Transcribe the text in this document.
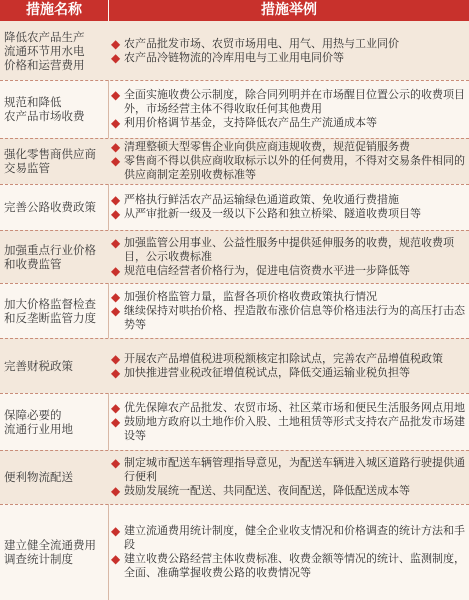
措施名称	措施举例
降低农产品生产
流通环节用水电
价格和运营费用
◆ 农产品批发市场、农贸市场用电、用气、用热与工业同价
◆ 农产品冷链物流的冷库用电与工业用电同价等
规范和降低
农产品市场收费
◆ 全面实施收费公示制度，除合同列明并在市场醒目位置公示的收费项目外，市场经营主体不得收取任何其他费用
◆ 利用价格调节基金，支持降低农产品生产流通成本等
强化零售商供应商
交易监管
◆ 清理整顿大型零售企业向供应商违规收费，规范促销服务费
◆ 零售商不得以供应商收取标示以外的任何费用，不得对交易条件相同的供应商制定差别收费标准等
完善公路收费政策 ◆ 严格执行鲜活农产品运输绿色通道政策、免收通行费措施
◆ 从严审批新一级及一级以下公路和独立桥梁、隧道收费项目等
加强重点行业价格
和收费监管
◆ 加强监管公用事业、公益性服务中提供延伸服务的收费，规范收费项目，公示收费标准
◆ 规范电信经营者价格行为，促进电信资费水平进一步降低等
加大价格监督检查
和反垄断监管力度
◆ 加强价格监管力量，监督各项价格收费政策执行情况
◆ 继续保持对哄抬价格、捏造散布涨价信息等价格违法行为的高压打击态势等
完善财税政策	◆ 开展农产品增值税进项税额核定扣除试点，完善农产品增值税政策
◆ 加快推进营业税改征增值税试点，降低交通运输业税负担等
保障必要的
流通行业用地
◆ 优先保障农产品批发、农贸市场、社区菜市场和便民生活服务网点用地
◆ 鼓励地方政府以土地作价入股、土地租赁等形式支持农产品批发市场建设等
便利物流配送
◆ 制定城市配送车辆管理指导意见，为配送车辆进入城区道路行驶提供通行便利
◆ 鼓励发展统一配送、共同配送、夜间配送，降低配送成本等
建立健全流通费用
调查统计制度
◆ 建立流通费用统计制度，健全企业收支情况和价格调查的统计方法和手段
◆ 建立收费公路经营主体收费标准、收费金额等情况的统计、监测制度，全面、准确掌握收费公路的收费情况等
